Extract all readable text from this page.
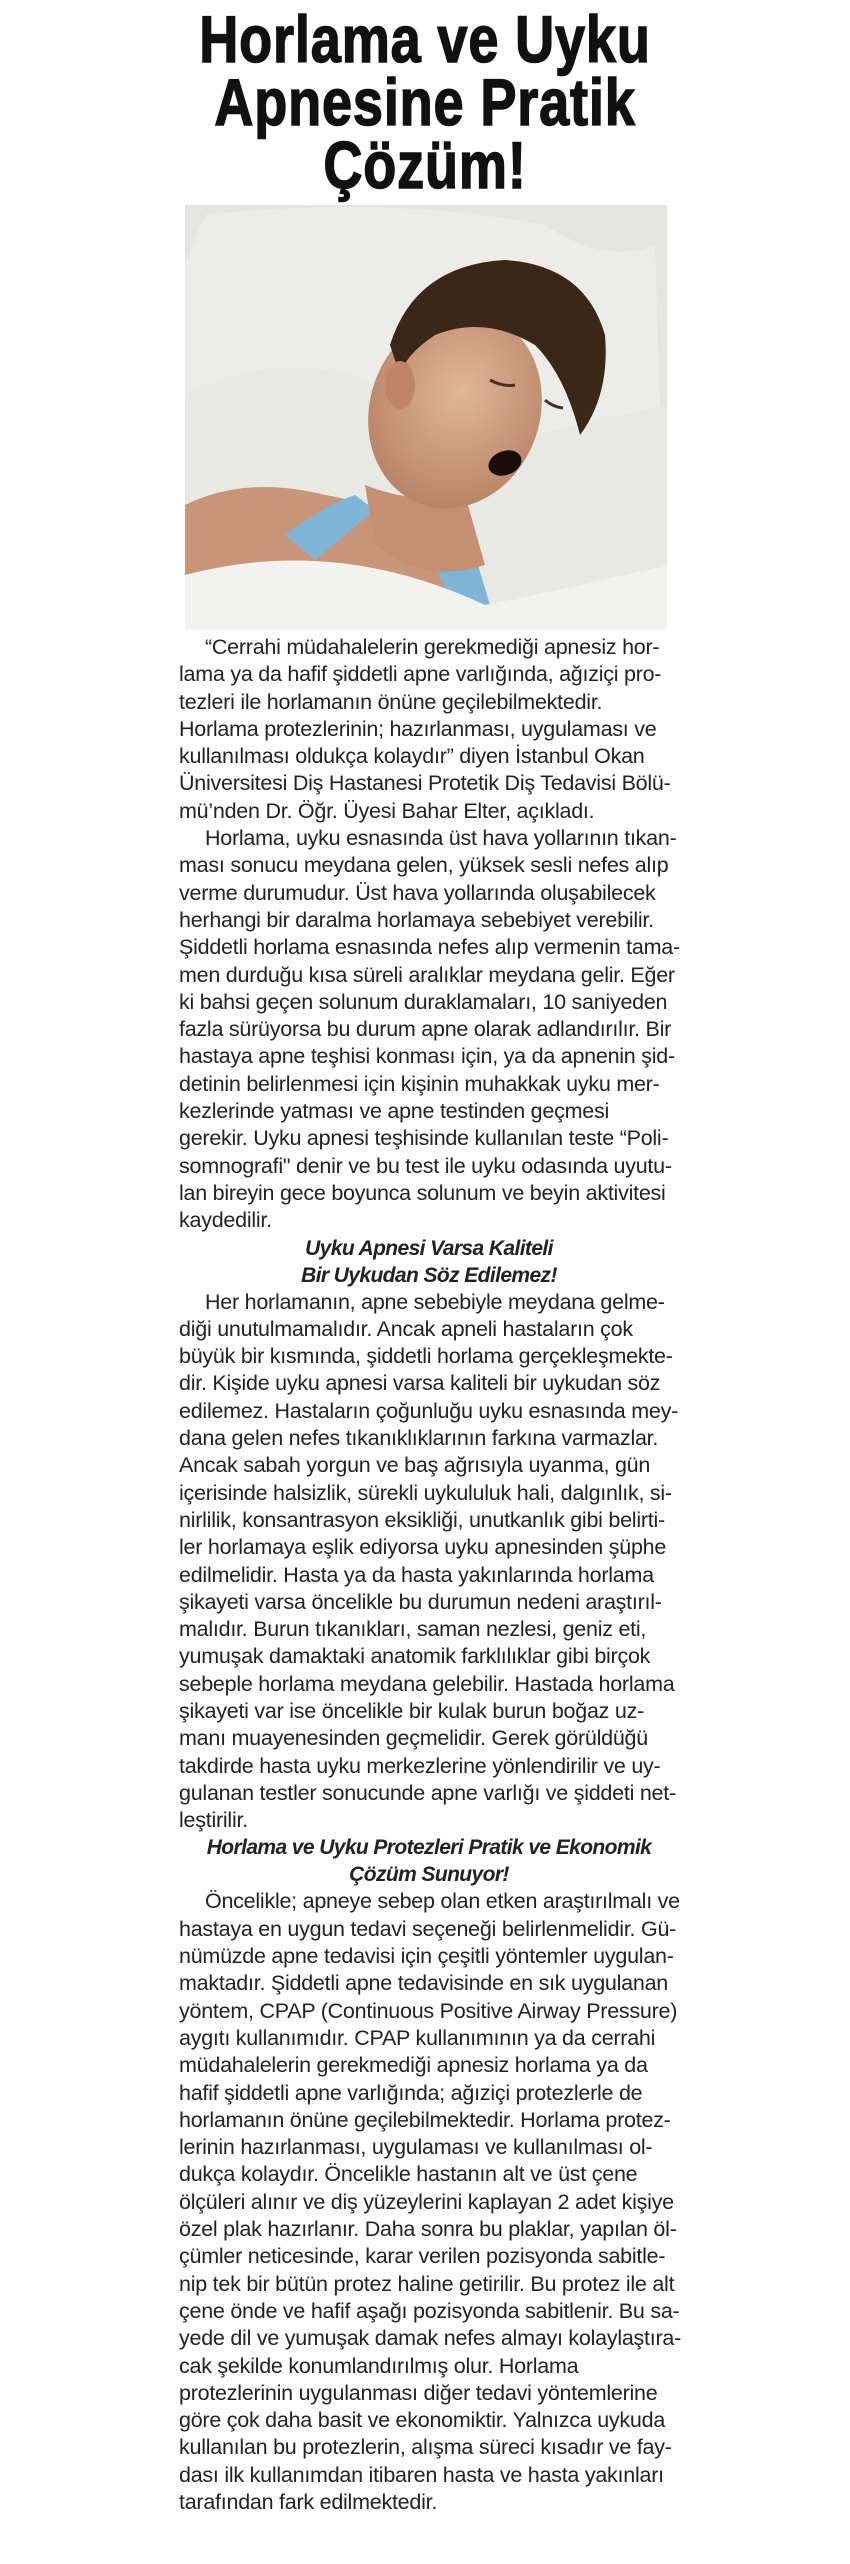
Horlama ve Uyku
Apnesine Pratik
Çözüm!
“Cerrahi müdahalelerin gerekmediği apnesiz hor-
lama ya da hafif şiddetli apne varlığında, ağıziçi pro-
tezleri ile horlamanın önüne geçilebilmektedir.
Horlama protezlerinin; hazırlanması, uygulaması ve
kullanılması oldukça kolaydır” diyen İstanbul Okan
Üniversitesi Diş Hastanesi Protetik Diş Tedavisi Bölü-
mü’nden Dr. Öğr. Üyesi Bahar Elter, açıkladı.
Horlama, uyku esnasında üst hava yollarının tıkan-
ması sonucu meydana gelen, yüksek sesli nefes alıp
verme durumudur. Üst hava yollarında oluşabilecek
herhangi bir daralma horlamaya sebebiyet verebilir.
Şiddetli horlama esnasında nefes alıp vermenin tama-
men durduğu kısa süreli aralıklar meydana gelir. Eğer
ki bahsi geçen solunum duraklamaları, 10 saniyeden
fazla sürüyorsa bu durum apne olarak adlandırılır. Bir
hastaya apne teşhisi konması için, ya da apnenin şid-
detinin belirlenmesi için kişinin muhakkak uyku mer-
kezlerinde yatması ve apne testinden geçmesi
gerekir. Uyku apnesi teşhisinde kullanılan teste “Poli-
somnografi" denir ve bu test ile uyku odasında uyutu-
lan bireyin gece boyunca solunum ve beyin aktivitesi
kaydedilir.
Uyku Apnesi Varsa Kaliteli
Bir Uykudan Söz Edilemez!
Her horlamanın, apne sebebiyle meydana gelme-
diği unutulmamalıdır. Ancak apneli hastaların çok
büyük bir kısmında, şiddetli horlama gerçekleşmekte-
dir. Kişide uyku apnesi varsa kaliteli bir uykudan söz
edilemez. Hastaların çoğunluğu uyku esnasında mey-
dana gelen nefes tıkanıklıklarının farkına varmazlar.
Ancak sabah yorgun ve baş ağrısıyla uyanma, gün
içerisinde halsizlik, sürekli uykululuk hali, dalgınlık, si-
nirlilik, konsantrasyon eksikliği, unutkanlık gibi belirti-
ler horlamaya eşlik ediyorsa uyku apnesinden şüphe
edilmelidir. Hasta ya da hasta yakınlarında horlama
şikayeti varsa öncelikle bu durumun nedeni araştırıl-
malıdır. Burun tıkanıkları, saman nezlesi, geniz eti,
yumuşak damaktaki anatomik farklılıklar gibi birçok
sebeple horlama meydana gelebilir. Hastada horlama
şikayeti var ise öncelikle bir kulak burun boğaz uz-
manı muayenesinden geçmelidir. Gerek görüldüğü
takdirde hasta uyku merkezlerine yönlendirilir ve uy-
gulanan testler sonucunde apne varlığı ve şiddeti net-
leştirilir.
Horlama ve Uyku Protezleri Pratik ve Ekonomik
Çözüm Sunuyor!
Öncelikle; apneye sebep olan etken araştırılmalı ve
hastaya en uygun tedavi seçeneği belirlenmelidir. Gü-
nümüzde apne tedavisi için çeşitli yöntemler uygulan-
maktadır. Şiddetli apne tedavisinde en sık uygulanan
yöntem, CPAP (Continuous Positive Airway Pressure)
aygıtı kullanımıdır. CPAP kullanımının ya da cerrahi
müdahalelerin gerekmediği apnesiz horlama ya da
hafif şiddetli apne varlığında; ağıziçi protezlerle de
horlamanın önüne geçilebilmektedir. Horlama protez-
lerinin hazırlanması, uygulaması ve kullanılması ol-
dukça kolaydır. Öncelikle hastanın alt ve üst çene
ölçüleri alınır ve diş yüzeylerini kaplayan 2 adet kişiye
özel plak hazırlanır. Daha sonra bu plaklar, yapılan öl-
çümler neticesinde, karar verilen pozisyonda sabitle-
nip tek bir bütün protez haline getirilir. Bu protez ile alt
çene önde ve hafif aşağı pozisyonda sabitlenir. Bu sa-
yede dil ve yumuşak damak nefes almayı kolaylaştıra-
cak şekilde konumlandırılmış olur. Horlama
protezlerinin uygulanması diğer tedavi yöntemlerine
göre çok daha basit ve ekonomiktir. Yalnızca uykuda
kullanılan bu protezlerin, alışma süreci kısadır ve fay-
dası ilk kullanımdan itibaren hasta ve hasta yakınları
tarafından fark edilmektedir.
